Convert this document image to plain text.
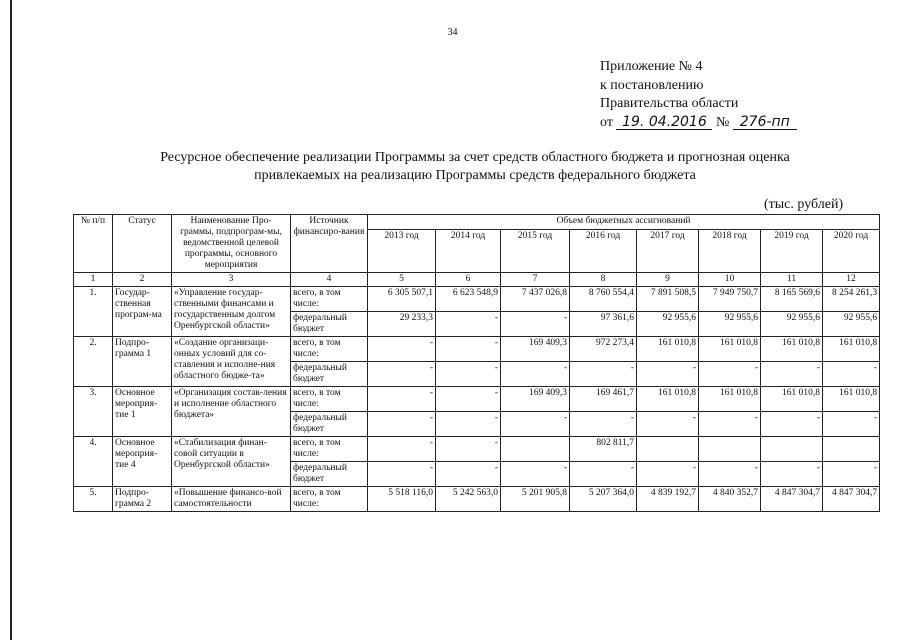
34
Приложение № 4
к постановлению
Правительства области
от 19. 04.2016 № 276-пп
Ресурсное обеспечение реализации Программы за счет средств областного бюджета и прогнозная оценка
привлекаемых на реализацию Программы средств федерального бюджета
(тыс. рублей)
№ п/п	Статус	Наименование Про-граммы, подпрограм-мы, ведомственной целевой программы, основного мероприятия	Источник финансиро-вания	Объем бюджетных ассигнований							
				2013 год	2014 год	2015 год	2016 год	2017 год	2018 год	2019 год	2020 год
1	2	3	4	5	6	7	8	9	10	11	12
1.	Государ-ственная програм-ма	«Управление государ-ственными финансами и государственным долгом Оренбургской области»	всего, в том числе:	6 305 507,1	6 623 548,9	7 437 026,8	8 760 554,4	7 891 508,5	7 949 750,7	8 165 569,6	8 254 261,3
			федеральный бюджет	29 233,3	-	-	97 361,6	92 955,6	92 955,6	92 955,6	92 955,6
2.	Подпро-грамма 1	«Создание организаци-онных условий для со-ставления и исполне-ния областного бюдже-та»	всего, в том числе:	-	-	169 409,3	972 273,4	161 010,8	161 010,8	161 010,8	161 010,8
			федеральный бюджет	-	-	-	-	-	-	-	-
3.	Основное мероприя-тие 1	«Организация состав-ления и исполнение областного бюджета»	всего, в том числе:	-	-	169 409,3	169 461,7	161 010,8	161 010,8	161 010,8	161 010,8
			федеральный бюджет	-	-	-	-	-	-	-	-
4.	Основное мероприя-тие 4	«Стабилизация финан-совой ситуации в Оренбургской области»	всего, в том числе:	-	-		802 811,7				
			федеральный бюджет	-	-	-	-	-	-	-	-
5.	Подпро-грамма 2	«Повышение финансо-вой самостоятельности	всего, в том числе:	5 518 116,0	5 242 563,0	5 201 905,8	5 207 364,0	4 839 192,7	4 840 352,7	4 847 304,7	4 847 304,7
